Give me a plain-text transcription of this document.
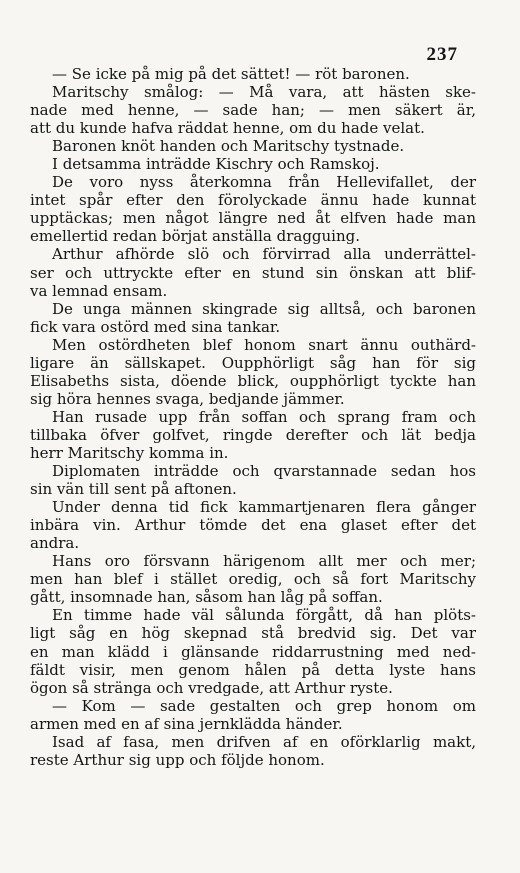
237
— Se icke på mig på det sättet! — röt baronen.
Maritschy smålog: — Må vara, att hästen ske-
nade med henne, — sade han; — men säkert är,
att du kunde hafva räddat henne, om du hade velat.
Baronen knöt handen och Maritschy tystnade.
I detsamma inträdde Kischry och Ramskoj.
De voro nyss återkomna från Hellevifallet, der
intet spår efter den förolyckade ännu hade kunnat
upptäckas; men något längre ned åt elfven hade man
emellertid redan börjat anställa dragguing.
Arthur afhörde slö och förvirrad alla underrättel-
ser och uttryckte efter en stund sin önskan att blif-
va lemnad ensam.
De unga männen skingrade sig alltså, och baronen
fick vara ostörd med sina tankar.
Men ostördheten blef honom snart ännu outhärd-
ligare än sällskapet. Oupphörligt såg han för sig
Elisabeths sista, döende blick, oupphörligt tyckte han
sig höra hennes svaga, bedjande jämmer.
Han rusade upp från soffan och sprang fram och
tillbaka öfver golfvet, ringde derefter och lät bedja
herr Maritschy komma in.
Diplomaten inträdde och qvarstannade sedan hos
sin vän till sent på aftonen.
Under denna tid fick kammartjenaren flera gånger
inbära vin. Arthur tömde det ena glaset efter det
andra.
Hans oro försvann härigenom allt mer och mer;
men han blef i stället oredig, och så fort Maritschy
gått, insomnade han, såsom han låg på soffan.
En timme hade väl sålunda förgått, då han plöts-
ligt såg en hög skepnad stå bredvid sig. Det var
en man klädd i glänsande riddarrustning med ned-
fäldt visir, men genom hålen på detta lyste hans
ögon så stränga och vredgade, att Arthur ryste.
— Kom — sade gestalten och grep honom om
armen med en af sina jernklädda händer.
Isad af fasa, men drifven af en oförklarlig makt,
reste Arthur sig upp och följde honom.
